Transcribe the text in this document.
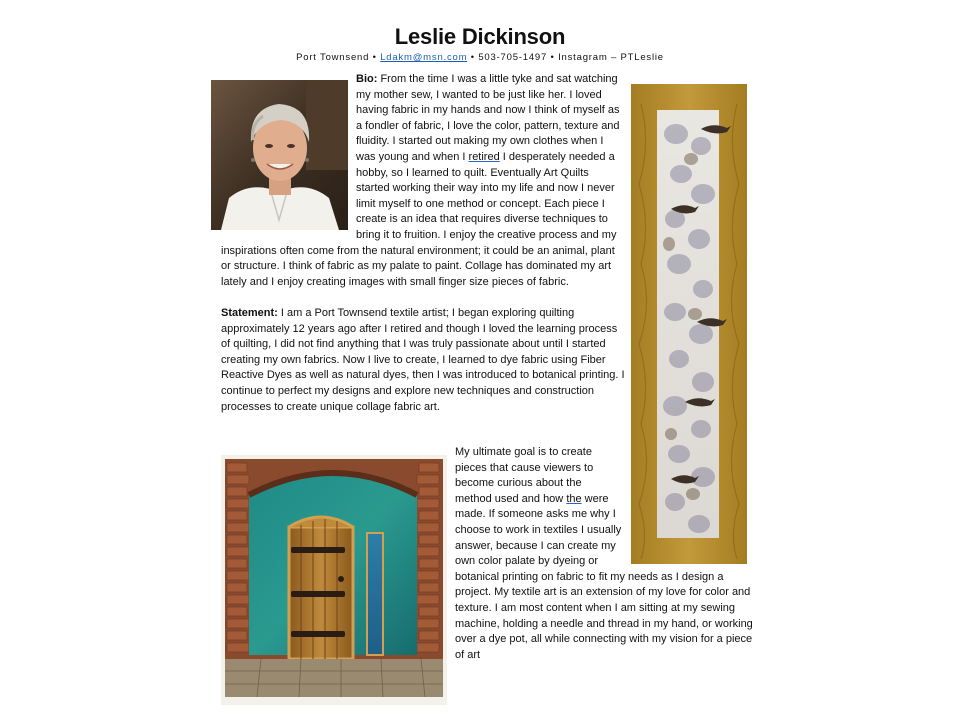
Leslie Dickinson
Port Townsend • Ldakm@msn.com • 503-705-1497 • Instagram – PTLeslie
Bio: From the time I was a little tyke and sat watching
my mother sew, I wanted to be just like her. I loved
having fabric in my hands and now I think of myself as
a fondler of fabric, I love the color, pattern, texture and
fluidity. I started out making my own clothes when I
was young and when I retired I desperately needed a
hobby, so I learned to quilt. Eventually Art Quilts
started working their way into my life and now I never
limit myself to one method or concept. Each piece I
create is an idea that requires diverse techniques to
bring it to fruition. I enjoy the creative process and my
inspirations often come from the natural environment; it could be an animal, plant
or structure. I think of fabric as my palate to paint. Collage has dominated my art
lately and I enjoy creating images with small finger size pieces of fabric.
Statement: I am a Port Townsend textile artist; I began exploring quilting
approximately 12 years ago after I retired and though I loved the learning process
of quilting, I did not find anything that I was truly passionate about until I started
creating my own fabrics. Now I live to create, I learned to dye fabric using Fiber
Reactive Dyes as well as natural dyes, then I was introduced to botanical printing. I
continue to perfect my designs and explore new techniques and construction
processes to create unique collage fabric art.
My ultimate goal is to create
pieces that cause viewers to
become curious about the
method used and how the were
made. If someone asks me why I
choose to work in textiles I usually
answer, because I can create my
own color palate by dyeing or
botanical printing on fabric to fit my needs as I design a
project. My textile art is an extension of my love for color and
texture. I am most content when I am sitting at my sewing
machine, holding a needle and thread in my hand, or working
over a dye pot, all while connecting with my vision for a piece
of art
